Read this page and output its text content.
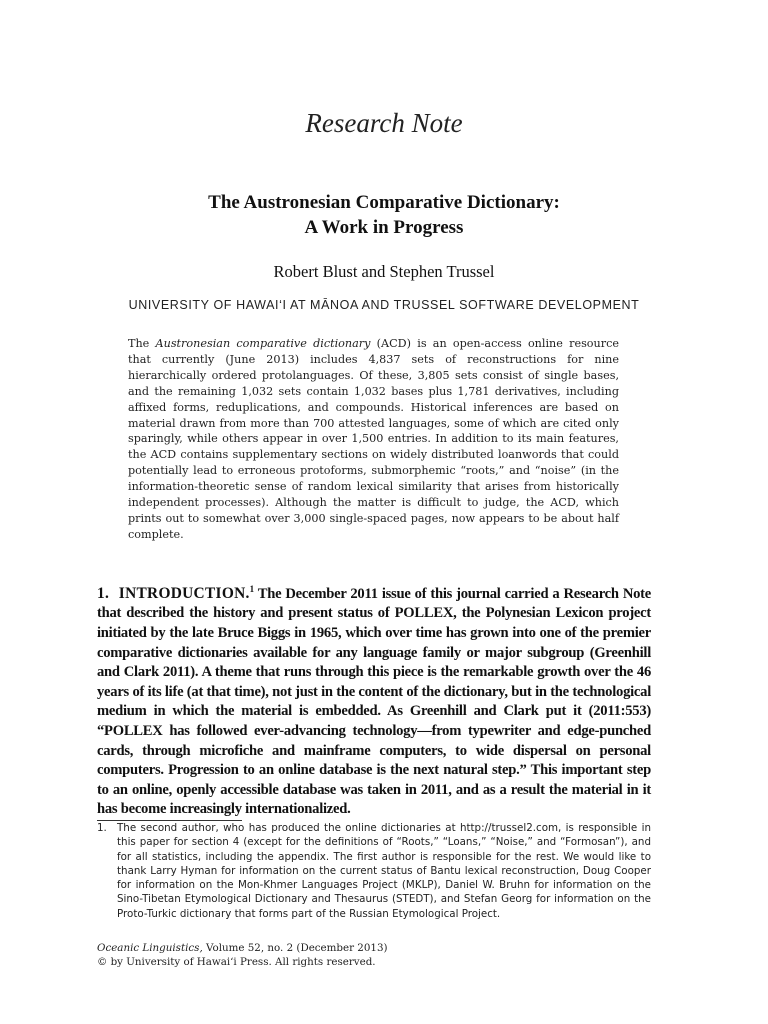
Research Note
The Austronesian Comparative Dictionary:
A Work in Progress
Robert Blust and Stephen Trussel
UNIVERSITY OF HAWAI‘I AT MĀNOA AND TRUSSEL SOFTWARE DEVELOPMENT

The Austronesian comparative dictionary (ACD) is an open-access online resource that currently (June 2013) includes 4,837 sets of reconstructions for nine hierarchically ordered protolanguages. Of these, 3,805 sets consist of single bases, and the remaining 1,032 sets contain 1,032 bases plus 1,781 derivatives, including affixed forms, reduplications, and compounds. Historical inferences are based on material drawn from more than 700 attested languages, some of which are cited only sparingly, while others appear in over 1,500 entries. In addition to its main features, the ACD contains supplementary sections on widely distributed loanwords that could potentially lead to erroneous protoforms, submorphemic “roots,” and “noise” (in the information-theoretic sense of random lexical similarity that arises from historically independent processes). Although the matter is difficult to judge, the ACD, which prints out to somewhat over 3,000 single-spaced pages, now appears to be about half complete.

1.  INTRODUCTION.$^1$ The December 2011 issue of this journal carried a Research Note that described the history and present status of POLLEX, the Polynesian Lexicon project initiated by the late Bruce Biggs in 1965, which over time has grown into one of the premier comparative dictionaries available for any language family or major subgroup (Greenhill and Clark 2011). A theme that runs through this piece is the remarkable growth over the 46 years of its life (at that time), not just in the content of the dictionary, but in the technological medium in which the material is embedded. As Greenhill and Clark put it (2011:553) “POLLEX has followed ever-advancing technology—from typewriter and edge-punched cards, through microfiche and mainframe computers, to wide dispersal on personal computers. Progression to an online database is the next natural step.” This important step to an online, openly accessible database was taken in 2011, and as a result the material in it has become increasingly internationalized.

1. The second author, who has produced the online dictionaries at http://trussel2.com, is responsible in this paper for section 4 (except for the definitions of “Roots,” “Loans,” “Noise,” and “Formosan”), and for all statistics, including the appendix. The first author is responsible for the rest. We would like to thank Larry Hyman for information on the current status of Bantu lexical reconstruction, Doug Cooper for information on the Mon-Khmer Languages Project (MKLP), Daniel W. Bruhn for information on the Sino-Tibetan Etymological Dictionary and Thesaurus (STEDT), and Stefan Georg for information on the Proto-Turkic dictionary that forms part of the Russian Etymological Project.
Oceanic Linguistics, Volume 52, no. 2 (December 2013)
© by University of Hawai‘i Press. All rights reserved.
